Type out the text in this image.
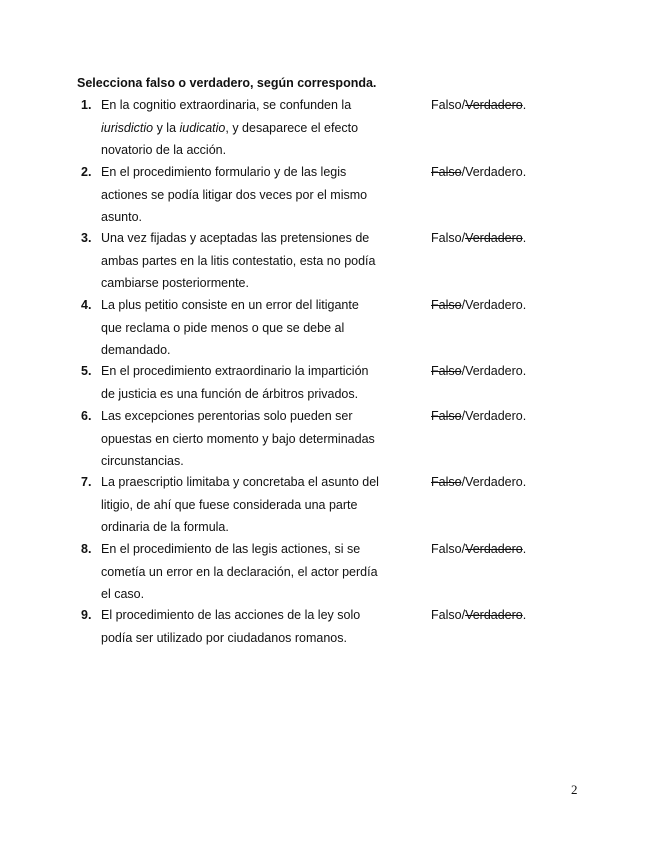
Selecciona falso o verdadero, según corresponda.

1. En la cognitio extraordinaria, se confunden la
iurisdictio y la iudicatio, y desaparece el efecto
novatorio de la acción.
Falso/Verdadero.
2. En el procedimiento formulario y de las legis
actiones se podía litigar dos veces por el mismo
asunto.
Falso/Verdadero.
3. Una vez fijadas y aceptadas las pretensiones de
ambas partes en la litis contestatio, esta no podía
cambiarse posteriormente.
Falso/Verdadero.
4. La plus petitio consiste en un error del litigante
que reclama o pide menos o que se debe al
demandado.
Falso/Verdadero.
5. En el procedimiento extraordinario la impartición
de justicia es una función de árbitros privados.
Falso/Verdadero.
6. Las excepciones perentorias solo pueden ser
opuestas en cierto momento y bajo determinadas
circunstancias.
Falso/Verdadero.
7. La praescriptio limitaba y concretaba el asunto del
litigio, de ahí que fuese considerada una parte
ordinaria de la formula.
Falso/Verdadero.
8. En el procedimiento de las legis actiones, si se
cometía un error en la declaración, el actor perdía
el caso.
Falso/Verdadero.
9. El procedimiento de las acciones de la ley solo
podía ser utilizado por ciudadanos romanos.
Falso/Verdadero.
2
